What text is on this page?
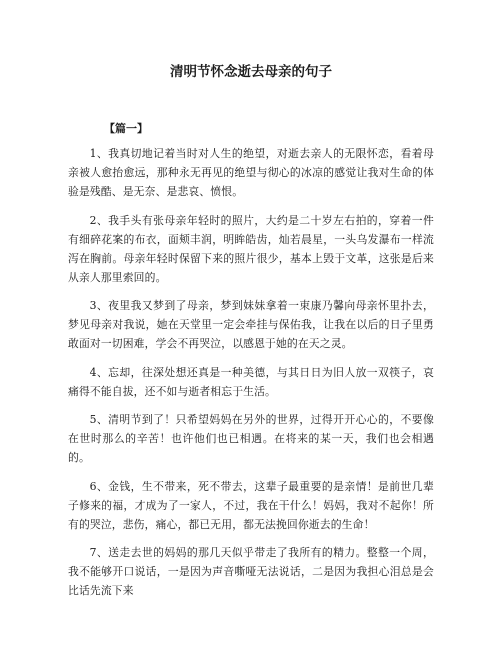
清明节怀念逝去母亲的句子
【篇一】

1、我真切地记着当时对人生的绝望，对逝去亲人的无限怀恋，看着母亲被人愈抬愈远，那种永无再见的绝望与彻心的冰凉的感觉让我对生命的体验是残酷、是无奈、是悲哀、愤恨。

2、我手头有张母亲年轻时的照片，大约是二十岁左右拍的，穿着一件有细碎花案的布衣，面颊丰润，明眸皓齿，灿若晨星，一头乌发瀑布一样流泻在胸前。母亲年轻时保留下来的照片很少，基本上毁于文革，这张是后来从亲人那里索回的。

3、夜里我又梦到了母亲，梦到妹妹拿着一束康乃馨向母亲怀里扑去，梦见母亲对我说，她在天堂里一定会牵挂与保佑我，让我在以后的日子里勇敢面对一切困难，学会不再哭泣，以感恩于她的在天之灵。

4、忘却，往深处想还真是一种美德，与其日日为旧人放一双筷子，哀痛得不能自拔，还不如与逝者相忘于生活。

5、清明节到了！只希望妈妈在另外的世界，过得开开心心的，不要像在世时那么的辛苦！也许他们也已相遇。在将来的某一天，我们也会相遇的。

6、金钱，生不带来，死不带去，这辈子最重要的是亲情！是前世几辈子修来的福，才成为了一家人，不过，我在干什么！妈妈，我对不起你！所有的哭泣，悲伤，痛心，都已无用，都无法挽回你逝去的生命！

7、送走去世的妈妈的那几天似乎带走了我所有的精力。整整一个周，我不能够开口说话，一是因为声音嘶哑无法说话，二是因为我担心泪总是会比话先流下来
